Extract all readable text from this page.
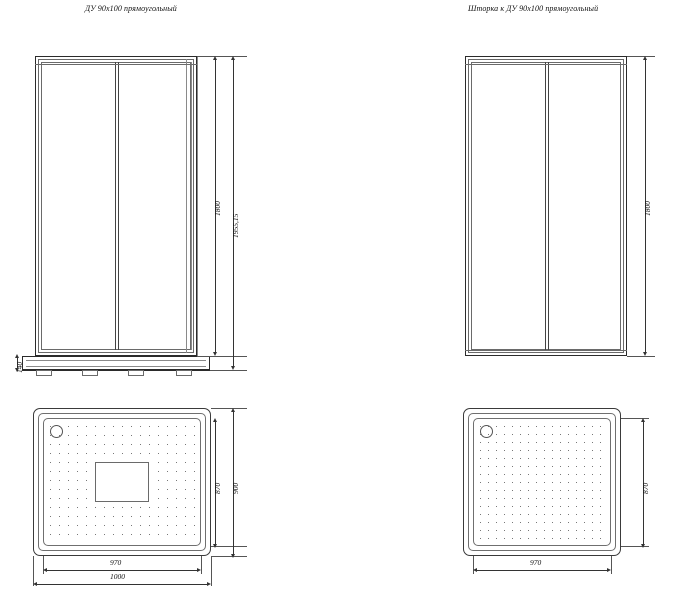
ДУ 90х100 прямоугольный	Шторка к ДУ 90х100 прямоугольный
1800
1955,15
140
1800
870 900
970
1000
870
970
